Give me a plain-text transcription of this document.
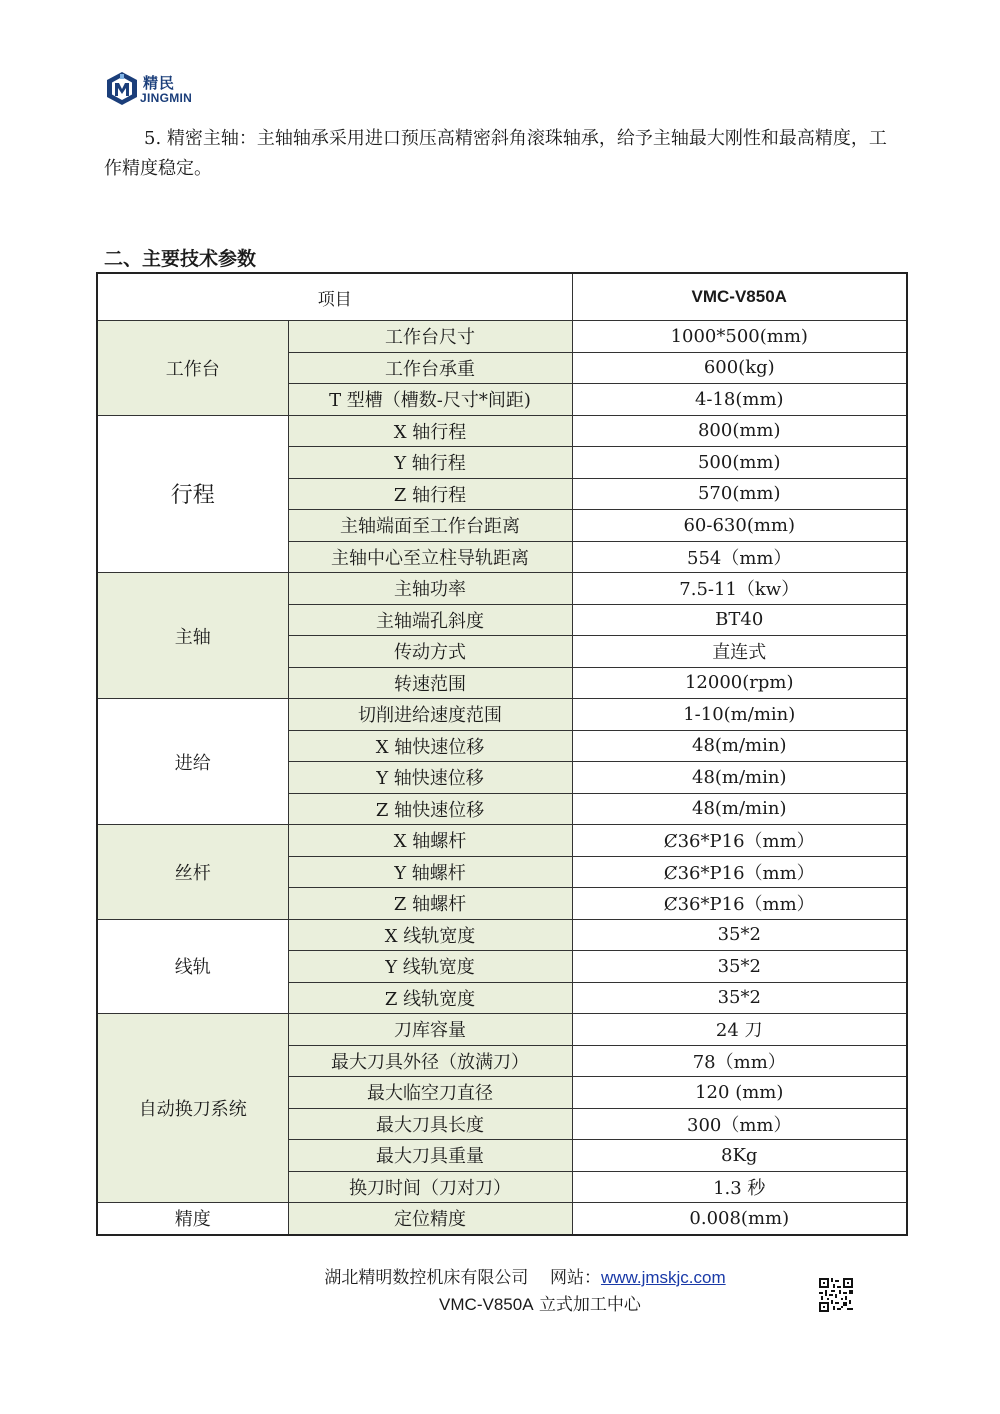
精民
JINGMIN
5. 精密主轴：主轴轴承采用进口预压高精密斜角滚珠轴承，给予主轴最大刚性和最高精度，工作精度稳定。
二、主要技术参数
项目		VMC-V850A
工作台	工作台尺寸	1000*500(mm)
	工作台承重	600(kg)
	T 型槽（槽数-尺寸*间距)	4-18(mm)
行程	X 轴行程	800(mm)
	Y 轴行程	500(mm)
	Z 轴行程	570(mm)
	主轴端面至工作台距离	60-630(mm)
	主轴中心至立柱导轨距离	554（mm）
主轴	主轴功率	7.5-11（kw）
	主轴端孔斜度	BT40
	传动方式	直连式
	转速范围	12000(rpm)
进给	切削进给速度范围	1-10(m/min)
	X 轴快速位移	48(m/min)
	Y 轴快速位移	48(m/min)
	Z 轴快速位移	48(m/min)
丝杆	X 轴螺杆	Ȼ36*P16（mm）
	Y 轴螺杆	Ȼ36*P16（mm）
	Z 轴螺杆	Ȼ36*P16（mm）
线轨	X 线轨宽度	35*2
	Y 线轨宽度	35*2
	Z 线轨宽度	35*2
自动换刀系统	刀库容量	24 刀
	最大刀具外径（放满刀）	78（mm）
	最大临空刀直径	120 (mm)
	最大刀具长度	300（mm）
	最大刀具重量	8Kg
	换刀时间（刀对刀）	1.3 秒
精度	定位精度	0.008(mm)
湖北精明数控机床有限公司 网站：www.jmskjc.com
VMC-V850A 立式加工中心
